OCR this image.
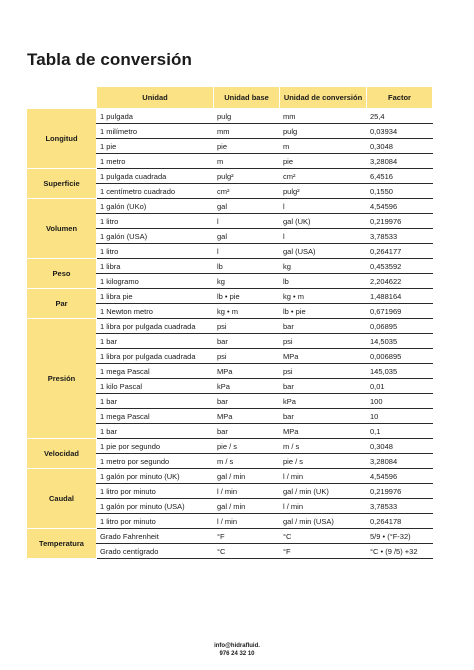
Tabla de conversión
	Unidad	Unidad base	Unidad de conversión	Factor
Longitud	1 pulgada	pulg	mm	25,4
	1 milímetro	mm	pulg	0,03934
	1 pie	pie	m	0,3048
	1 metro	m	pie	3,28084
Superficie	1 pulgada cuadrada	pulg²	cm²	6,4516
	1 centímetro cuadrado	cm²	pulg²	0,1550
Volumen	1 galón (UKo)	gal	l	4,54596
	1 litro	l	gal (UK)	0,219976
	1 galón (USA)	gal	l	3,78533
	1 litro	l	gal (USA)	0,264177
Peso	1 libra	lb	kg	0,453592
	1 kilogramo	kg	lb	2,204622
Par	1 libra pie	lb • pie	kg • m	1,488164
	1 Newton metro	kg • m	lb • pie	0,671969
Presión	1 libra por pulgada cuadrada	psi	bar	0,06895
	1 bar	bar	psi	14,5035
	1 libra por pulgada cuadrada	psi	MPa	0,006895
	1 mega Pascal	MPa	psi	145,035
	1 kilo Pascal	kPa	bar	0,01
	1 bar	bar	kPa	100
	1 mega Pascal	MPa	bar	10
	1 bar	bar	MPa	0,1
Velocidad	1 pie por segundo	pie / s	m / s	0,3048
	1 metro por segundo	m / s	pie / s	3,28084
Caudal	1 galón por minuto (UK)	gal / min	l / min	4,54596
	1 litro por minuto	l / min	gal / min (UK)	0,219976
	1 galón por minuto (USA)	gal / min	l / min	3,78533
	1 litro por minuto	l / min	gal / min (USA)	0,264178
Temperatura	Grado Fahrenheit	°F	°C	5/9 • (°F-32)
	Grado centígrado	°C	°F	°C • (9 /5) +32
info@hidrafluid.
976 24 32 10
